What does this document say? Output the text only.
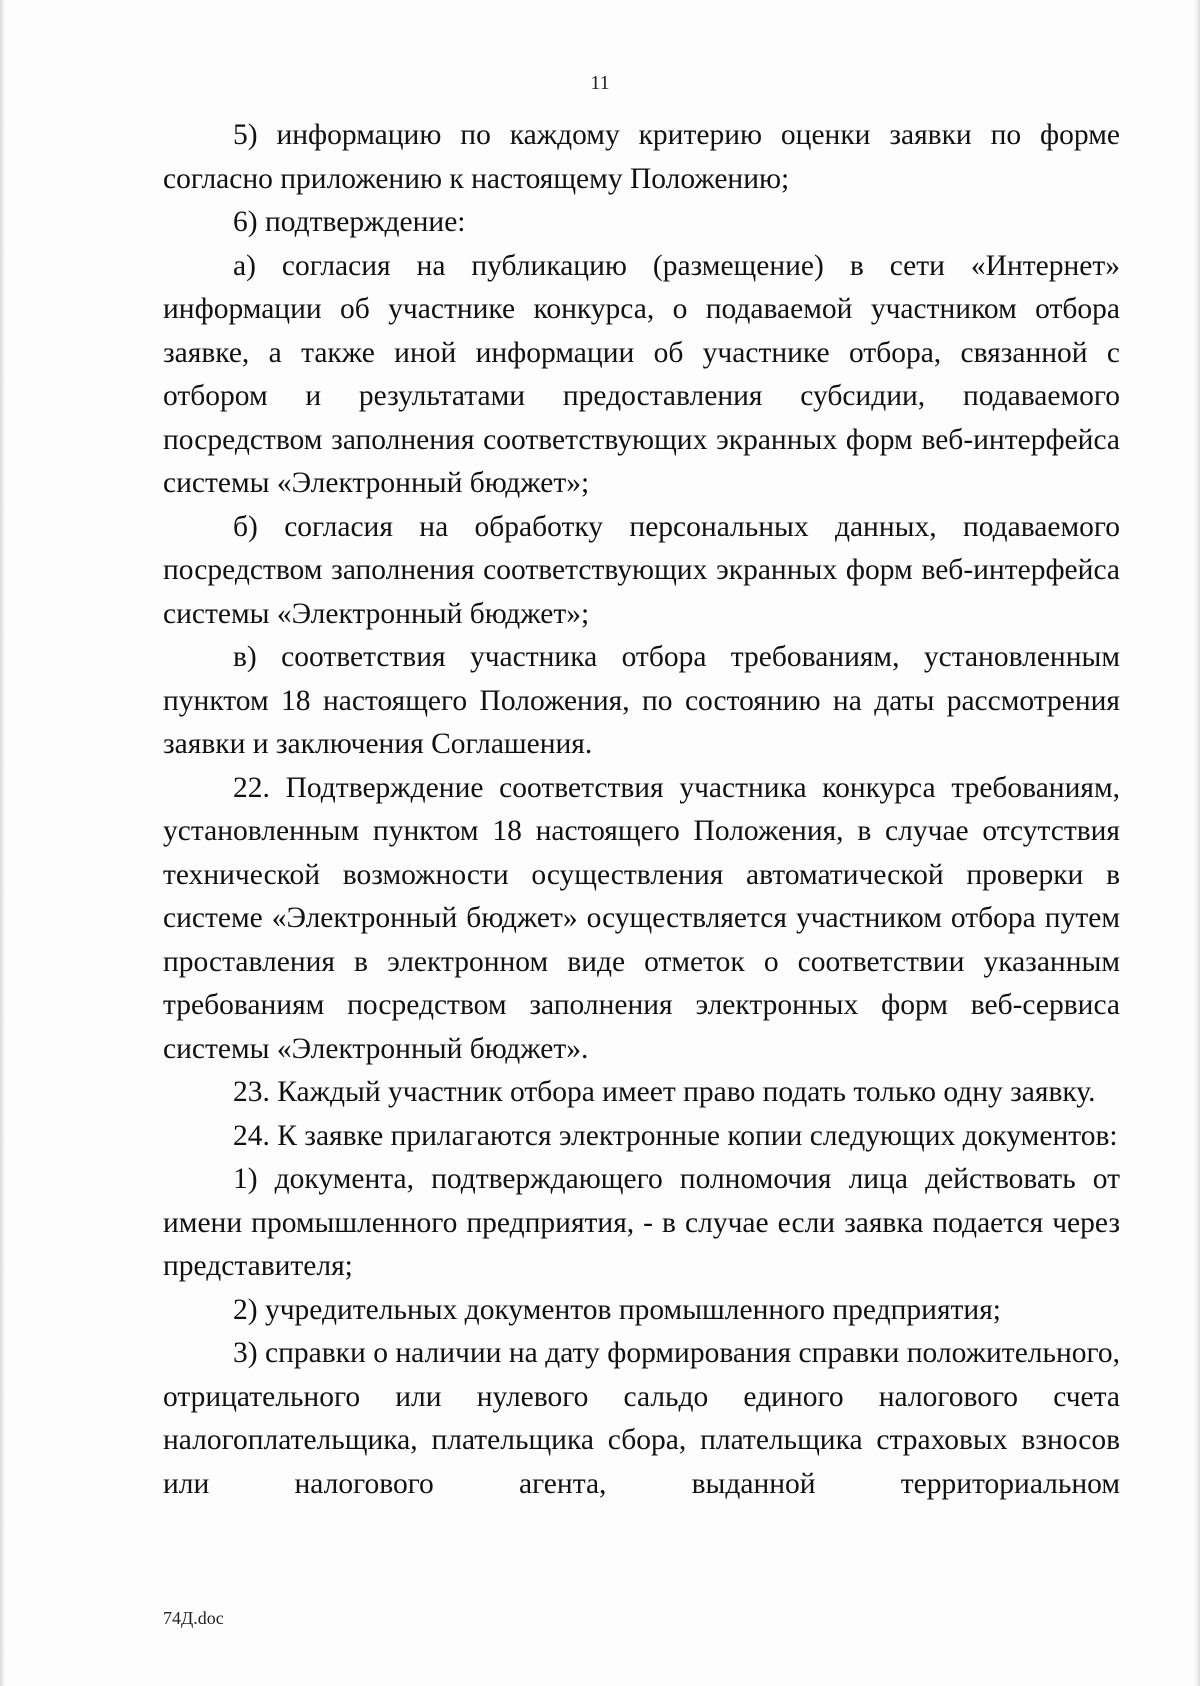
11

5) информацию по каждому критерию оценки заявки по форме согласно приложению к настоящему Положению;

6) подтверждение:

а) согласия на публикацию (размещение) в сети «Интернет» информации об участнике конкурса, о подаваемой участником отбора заявке, а также иной информации об участнике отбора, связанной с отбором и результатами предоставления субсидии, подаваемого посредством заполнения соответствующих экранных форм веб-интерфейса системы «Электронный бюджет»;

б) согласия на обработку персональных данных, подаваемого посредством заполнения соответствующих экранных форм веб-интерфейса системы «Электронный бюджет»;

в) соответствия участника отбора требованиям, установленным пунктом 18 настоящего Положения, по состоянию на даты рассмотрения заявки и заключения Соглашения.

22. Подтверждение соответствия участника конкурса требованиям, установленным пунктом 18 настоящего Положения, в случае отсутствия технической возможности осуществления автоматической проверки в системе «Электронный бюджет» осуществляется участником отбора путем проставления в электронном виде отметок о соответствии указанным требованиям посредством заполнения электронных форм веб-сервиса системы «Электронный бюджет».

23. Каждый участник отбора имеет право подать только одну заявку.

24. К заявке прилагаются электронные копии следующих документов:

1) документа, подтверждающего полномочия лица действовать от имени промышленного предприятия, - в случае если заявка подается через представителя;

2) учредительных документов промышленного предприятия;

3) справки о наличии на дату формирования справки положительного, отрицательного или нулевого сальдо единого налогового счета налогоплательщика, плательщика сбора, плательщика страховых взносов или налогового агента, выданной территориальном

74Д.doc
